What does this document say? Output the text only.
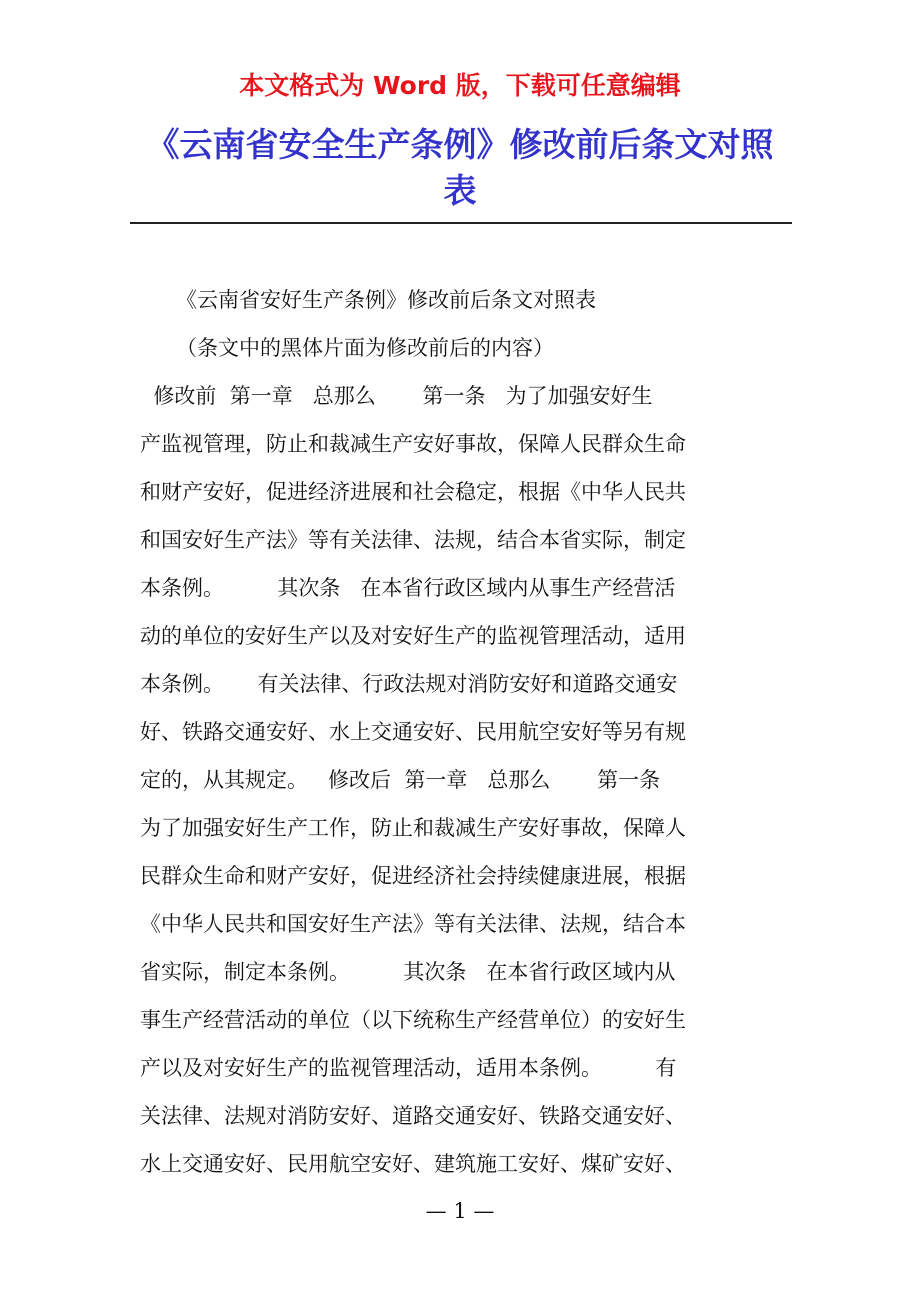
本文格式为 Word 版，下载可任意编辑
《云南省安全生产条例》修改前后条文对照
表
《云南省安好生产条例》修改前后条文对照表
（条文中的黑体片面为修改前后的内容）
修改前  第一章   总那么       第一条   为了加强安好生
产监视管理，防止和裁减生产安好事故，保障人民群众生命
和财产安好，促进经济进展和社会稳定，根据《中华人民共
和国安好生产法》等有关法律、法规，结合本省实际，制定
本条例。        其次条   在本省行政区域内从事生产经营活
动的单位的安好生产以及对安好生产的监视管理活动，适用
本条例。     有关法律、行政法规对消防安好和道路交通安
好、铁路交通安好、水上交通安好、民用航空安好等另有规
定的，从其规定。   修改后  第一章   总那么       第一条
为了加强安好生产工作，防止和裁减生产安好事故，保障人
民群众生命和财产安好，促进经济社会持续健康进展，根据
《中华人民共和国安好生产法》等有关法律、法规，结合本
省实际，制定本条例。        其次条   在本省行政区域内从
事生产经营活动的单位（以下统称生产经营单位）的安好生
产以及对安好生产的监视管理活动，适用本条例。        有
关法律、法规对消防安好、道路交通安好、铁路交通安好、
水上交通安好、民用航空安好、建筑施工安好、煤矿安好、
— 1 —
